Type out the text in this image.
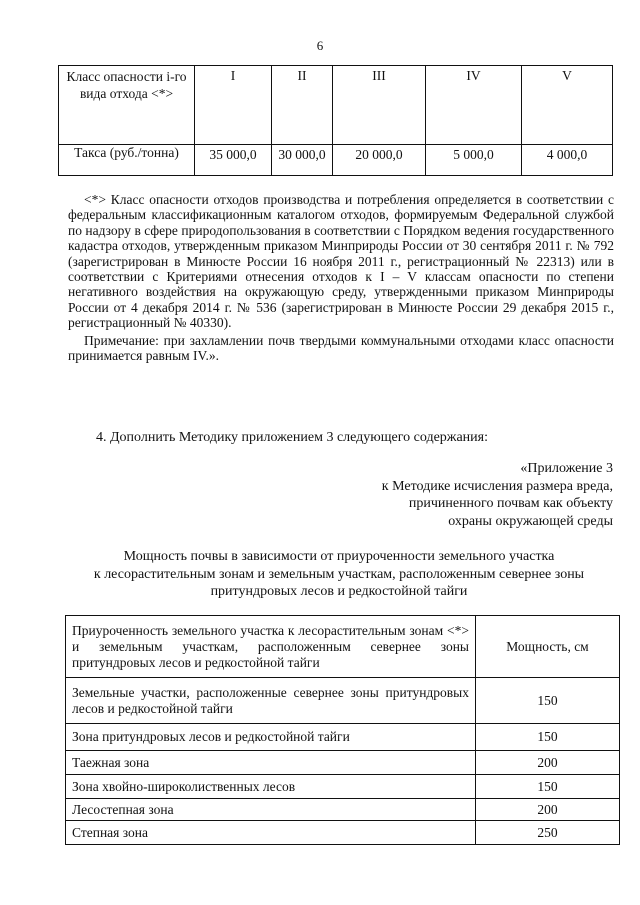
6
Класс опасности i-го вида отхода <*>	I	II	III	IV	V
Такса (руб./тонна)	35 000,0	30 000,0	20 000,0	5 000,0	4 000,0

<*> Класс опасности отходов производства и потребления определяется в соответствии с федеральным классификационным каталогом отходов, формируемым Федеральной службой по надзору в сфере природопользования в соответствии с Порядком ведения государственного кадастра отходов, утвержденным приказом Минприроды России от 30 сентября 2011 г. № 792 (зарегистрирован в Минюсте России 16 ноября 2011 г., регистрационный № 22313) или в соответствии с Критериями отнесения отходов к I – V классам опасности по степени негативного воздействия на окружающую среду, утвержденными приказом Минприроды России от 4 декабря 2014 г. № 536 (зарегистрирован в Минюсте России 29 декабря 2015 г., регистрационный № 40330).

Примечание: при захламлении почв твердыми коммунальными отходами класс опасности принимается равным IV.».

4. Дополнить Методику приложением 3 следующего содержания:
«Приложение 3
к Методике исчисления размера вреда,
причиненного почвам как объекту
охраны окружающей среды
Мощность почвы в зависимости от приуроченности земельного участка
к лесорастительным зонам и земельным участкам, расположенным севернее зоны
притундровых лесов и редкостойной тайги
Приуроченность земельного участка к лесорастительным зонам <*> и земельным участкам, расположенным севернее зоны притундровых лесов и редкостойной тайги	Мощность, см
Земельные участки, расположенные севернее зоны притундровых лесов и редкостойной тайги	150
Зона притундровых лесов и редкостойной тайги	150
Таежная зона	200
Зона хвойно-широколиственных лесов	150
Лесостепная зона	200
Степная зона	250
